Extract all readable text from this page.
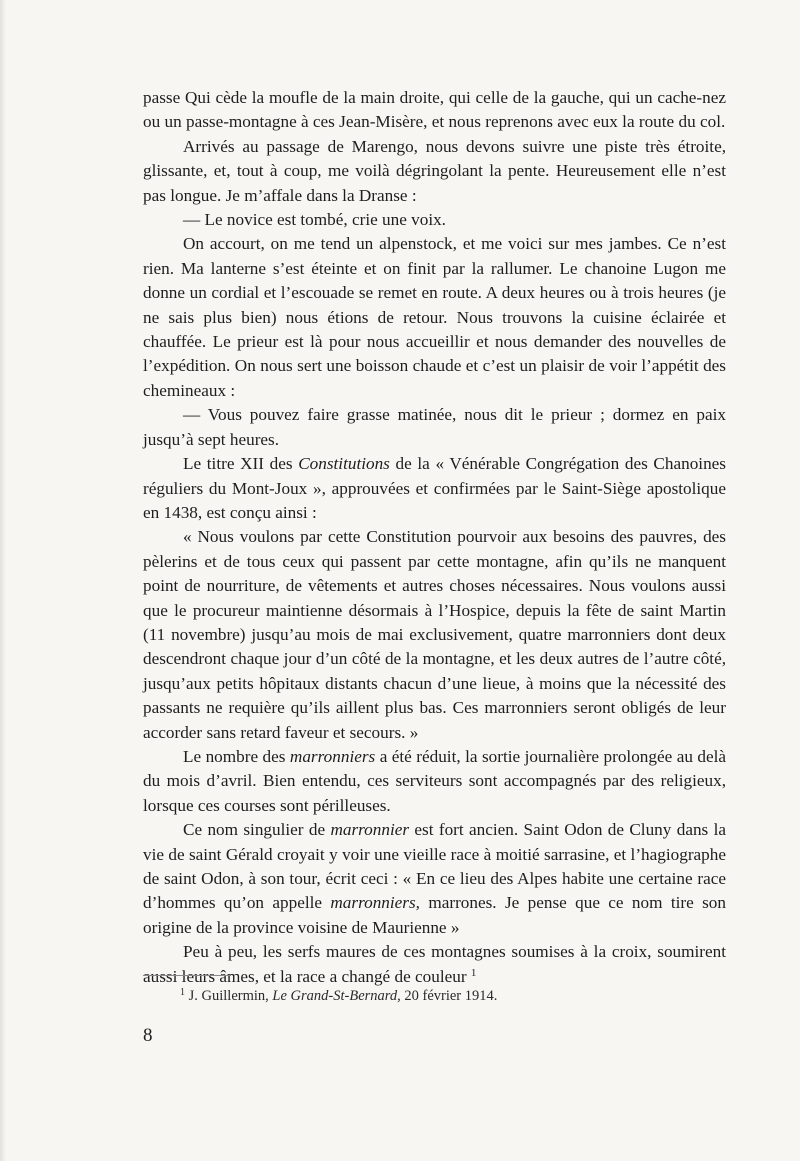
passe Qui cède la moufle de la main droite, qui celle de la gauche, qui un cache-nez ou un passe-montagne à ces Jean-Misère, et nous reprenons avec eux la route du col.

Arrivés au passage de Marengo, nous devons suivre une piste très étroite, glissante, et, tout à coup, me voilà dégringolant la pente. Heureusement elle n’est pas longue. Je m’affale dans la Dranse :

— Le novice est tombé, crie une voix.

On accourt, on me tend un alpenstock, et me voici sur mes jambes. Ce n’est rien. Ma lanterne s’est éteinte et on finit par la rallumer. Le chanoine Lugon me donne un cordial et l’escouade se remet en route. A deux heures ou à trois heures (je ne sais plus bien) nous étions de retour. Nous trouvons la cuisine éclairée et chauffée. Le prieur est là pour nous accueillir et nous demander des nouvelles de l’expédition. On nous sert une boisson chaude et c’est un plaisir de voir l’appétit des chemineaux :

— Vous pouvez faire grasse matinée, nous dit le prieur ; dormez en paix jusqu’à sept heures.

Le titre XII des Constitutions de la « Vénérable Congrégation des Chanoines réguliers du Mont-Joux », approuvées et confirmées par le Saint-Siège apostolique en 1438, est conçu ainsi :

« Nous voulons par cette Constitution pourvoir aux besoins des pauvres, des pèlerins et de tous ceux qui passent par cette montagne, afin qu’ils ne manquent point de nourriture, de vêtements et autres choses nécessaires. Nous voulons aussi que le procureur maintienne désormais à l’Hospice, depuis la fête de saint Martin (11 novembre) jusqu’au mois de mai exclusivement, quatre marronniers dont deux descendront chaque jour d’un côté de la montagne, et les deux autres de l’autre côté, jusqu’aux petits hôpitaux distants chacun d’une lieue, à moins que la nécessité des passants ne requière qu’ils aillent plus bas. Ces marronniers seront obligés de leur accorder sans retard faveur et secours. »

Le nombre des marronniers a été réduit, la sortie journalière prolongée au delà du mois d’avril. Bien entendu, ces serviteurs sont accompagnés par des religieux, lorsque ces courses sont périlleuses.

Ce nom singulier de marronnier est fort ancien. Saint Odon de Cluny dans la vie de saint Gérald croyait y voir une vieille race à moitié sarrasine, et l’hagiographe de saint Odon, à son tour, écrit ceci : « En ce lieu des Alpes habite une certaine race d’hommes qu’on appelle marronniers, marrones. Je pense que ce nom tire son origine de la province voisine de Maurienne »

Peu à peu, les serfs maures de ces montagnes soumises à la croix, soumirent aussi leurs âmes, et la race a changé de couleur $^1$

$^1$ J. Guillermin, Le Grand-St-Bernard, 20 février 1914.
8
